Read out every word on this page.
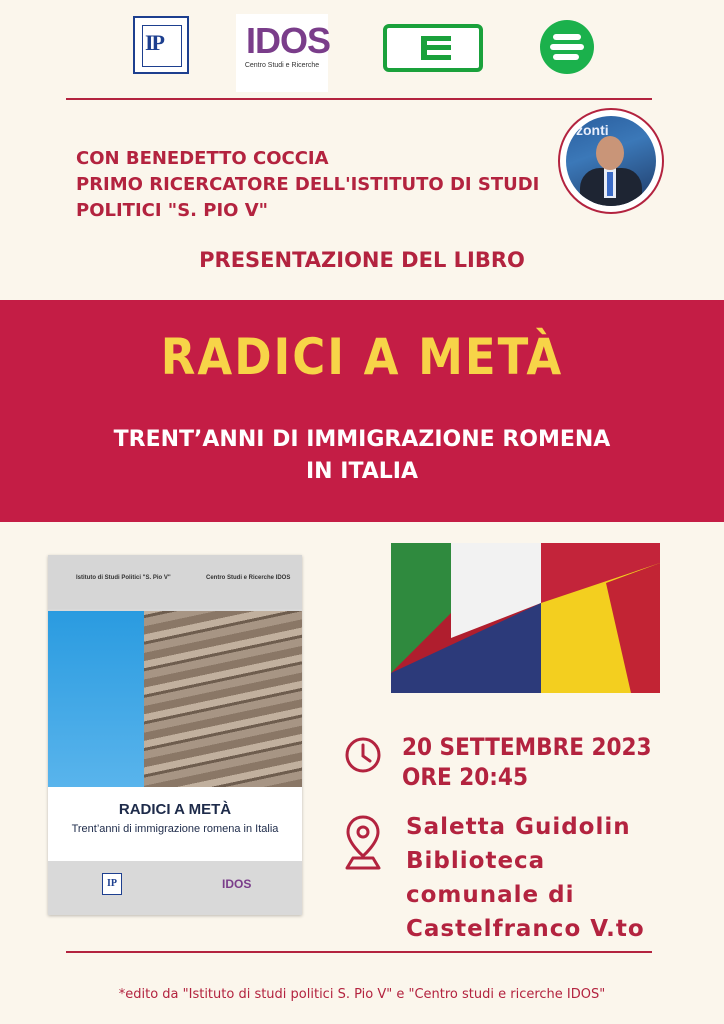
IP IDOS
Centro Studi e Ricerche
CON BENEDETTO COCCIA
PRIMO RICERCATORE DELL'ISTITUTO DI STUDI
POLITICI "S. PIO V"
zonti
PRESENTAZIONE DEL LIBRO
RADICI A METÀ
TRENT’ANNI DI IMMIGRAZIONE ROMENA
IN ITALIA
Istituto di Studi Politici "S. Pio V"	Centro Studi e Ricerche IDOS
RADICI A METÀ
Trent’anni di immigrazione romena in Italia
IP	IDOS
20 SETTEMBRE 2023
ORE 20:45
Saletta Guidolin
Biblioteca
comunale di
Castelfranco V.to
*edito da "Istituto di studi politici S. Pio V" e "Centro studi e ricerche IDOS"
